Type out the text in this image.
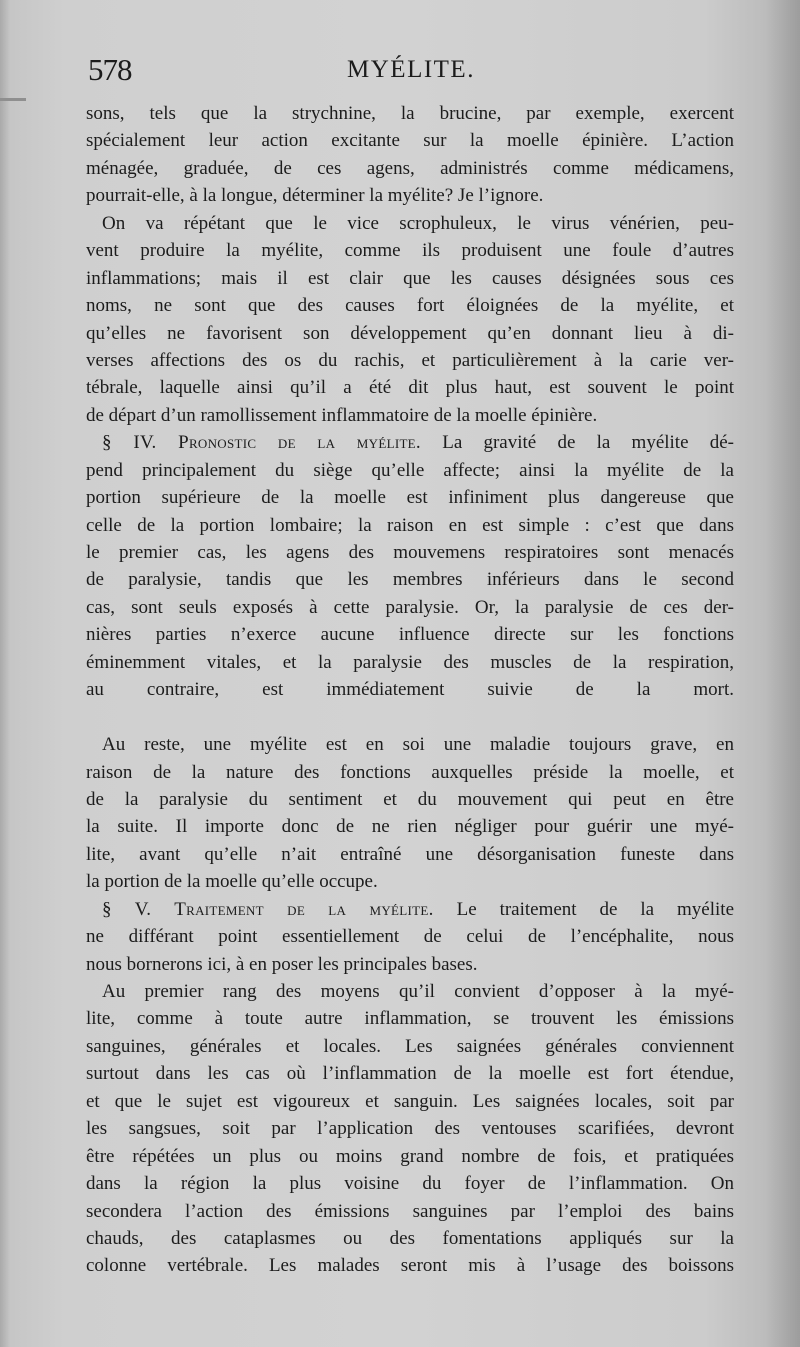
578	MYÉLITE.

sons, tels que la strychnine, la brucine, par exemple, exercent
spécialement leur action excitante sur la moelle épinière. L’action
ménagée, graduée, de ces agens, administrés comme médicamens,
pourrait-elle, à la longue, déterminer la myélite? Je l’ignore.

On va répétant que le vice scrophuleux, le virus vénérien, peu-
vent produire la myélite, comme ils produisent une foule d’autres
inflammations; mais il est clair que les causes désignées sous ces
noms, ne sont que des causes fort éloignées de la myélite, et
qu’elles ne favorisent son développement qu’en donnant lieu à di-
verses affections des os du rachis, et particulièrement à la carie ver-
tébrale, laquelle ainsi qu’il a été dit plus haut, est souvent le point
de départ d’un ramollissement inflammatoire de la moelle épinière.

§ IV. Pronostic de la myélite. La gravité de la myélite dé-
pend principalement du siège qu’elle affecte; ainsi la myélite de la
portion supérieure de la moelle est infiniment plus dangereuse que
celle de la portion lombaire; la raison en est simple : c’est que dans
le premier cas, les agens des mouvemens respiratoires sont menacés
de paralysie, tandis que les membres inférieurs dans le second
cas, sont seuls exposés à cette paralysie. Or, la paralysie de ces der-
nières parties n’exerce aucune influence directe sur les fonctions
éminemment vitales, et la paralysie des muscles de la respiration,
au contraire, est immédiatement suivie de la mort.

Au reste, une myélite est en soi une maladie toujours grave, en
raison de la nature des fonctions auxquelles préside la moelle, et
de la paralysie du sentiment et du mouvement qui peut en être
la suite. Il importe donc de ne rien négliger pour guérir une myé-
lite, avant qu’elle n’ait entraîné une désorganisation funeste dans
la portion de la moelle qu’elle occupe.

§ V. Traitement de la myélite. Le traitement de la myélite
ne différant point essentiellement de celui de l’encéphalite, nous
nous bornerons ici, à en poser les principales bases.

Au premier rang des moyens qu’il convient d’opposer à la myé-
lite, comme à toute autre inflammation, se trouvent les émissions
sanguines, générales et locales. Les saignées générales conviennent
surtout dans les cas où l’inflammation de la moelle est fort étendue,
et que le sujet est vigoureux et sanguin. Les saignées locales, soit par
les sangsues, soit par l’application des ventouses scarifiées, devront
être répétées un plus ou moins grand nombre de fois, et pratiquées
dans la région la plus voisine du foyer de l’inflammation. On
secondera l’action des émissions sanguines par l’emploi des bains
chauds, des cataplasmes ou des fomentations appliqués sur la
colonne vertébrale. Les malades seront mis à l’usage des boissons
